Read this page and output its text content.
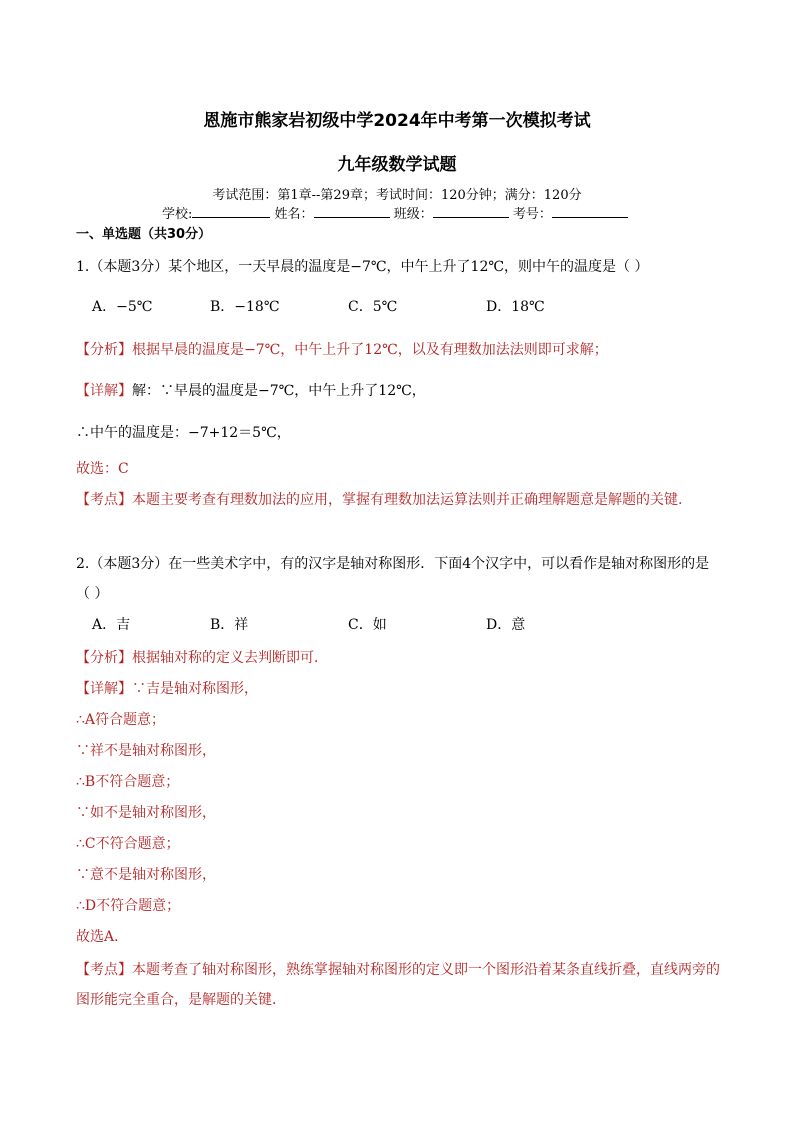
恩施市熊家岩初级中学2024年中考第一次模拟考试
九年级数学试题
考试范围：第1章--第29章；考试时间：120分钟；满分：120分
学校:	姓名：	班级：	考号：
一、单选题（共30分）
1.（本题3分）某个地区，一天早晨的温度是−7℃，中午上升了12℃，则中午的温度是（ ）
A．−5℃	B．−18℃	C．5℃	D．18℃
【分析】根据早晨的温度是−7℃，中午上升了12℃，以及有理数加法法则即可求解；
【详解】解：∵早晨的温度是−7℃，中午上升了12℃，
∴中午的温度是：−7+12＝5℃，
故选：C
【考点】本题主要考查有理数加法的应用，掌握有理数加法运算法则并正确理解题意是解题的关键.
2.（本题3分）在一些美术字中，有的汉字是轴对称图形．下面4个汉字中，可以看作是轴对称图形的是
（ ）
A．吉	B．祥	C．如	D．意
【分析】根据轴对称的定义去判断即可．
【详解】∵吉是轴对称图形，
∴A符合题意；
∵祥不是轴对称图形，
∴B不符合题意；
∵如不是轴对称图形，
∴C不符合题意；
∵意不是轴对称图形，
∴D不符合题意；
故选A．
【考点】本题考查了轴对称图形，熟练掌握轴对称图形的定义即一个图形沿着某条直线折叠，直线两旁的
图形能完全重合，是解题的关键．
